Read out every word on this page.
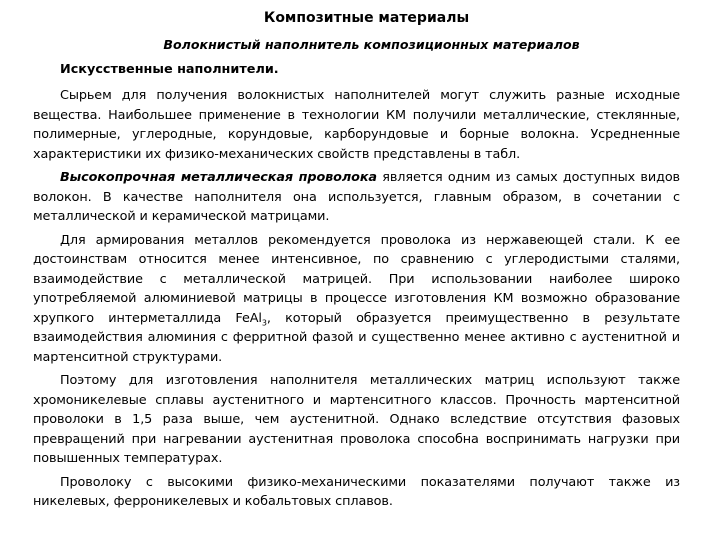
Композитные материалы
Волокнистый наполнитель композиционных материалов
Искусственные наполнители.

Сырьем для получения волокнистых наполнителей могут служить разные исходные вещества. Наибольшее применение в технологии КМ получили металлические, стеклянные, полимерные, углеродные, корундовые, карборундовые и борные волокна. Усредненные характеристики их физико-механических свойств представлены в табл.

Высокопрочная металлическая проволока является одним из самых доступных видов волокон. В качестве наполнителя она используется, главным образом, в сочетании с металлической и керамической матрицами.

Для армирования металлов рекомендуется проволока из нержавеющей стали. К ее достоинствам относится менее интенсивное, по сравнению с углеродистыми сталями, взаимодействие с металлической матрицей. При использовании наиболее широко употребляемой алюминиевой матрицы в процессе изготовления КМ возможно образование хрупкого интерметаллида FeAl$_3$, который образуется преимущественно в результате взаимодействия алюминия с ферритной фазой и существенно менее активно с аустенитной и мартенситной структурами.

Поэтому для изготовления наполнителя металлических матриц используют также хромоникелевые сплавы аустенитного и мартенситного классов. Прочность мартенситной проволоки в 1,5 раза выше, чем аустенитной. Однако вследствие отсутствия фазовых превращений при нагревании аустенитная проволока способна воспринимать нагрузки при повышенных температурах.

Проволоку с высокими физико-механическими показателями получают также из никелевых, ферроникелевых и кобальтовых сплавов.
